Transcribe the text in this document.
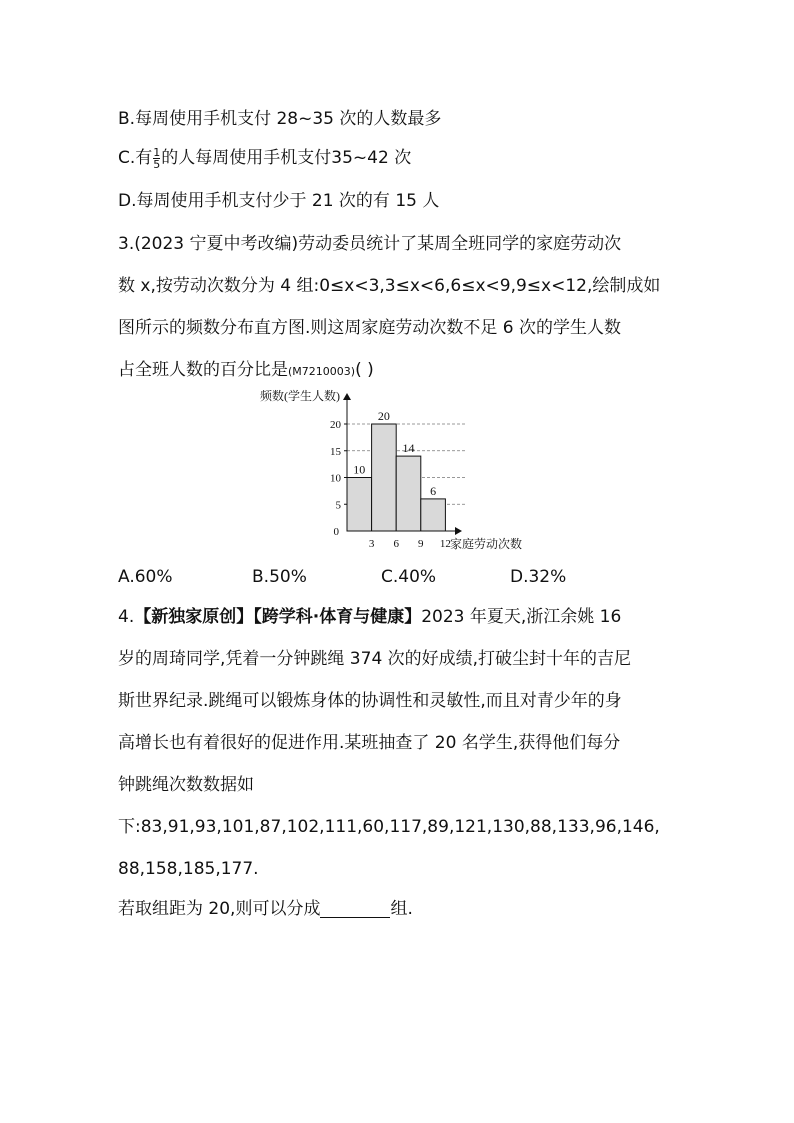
B.每周使用手机支付 28~35 次的人数最多
C.有 $\frac{1}{5}$ 的人每周使用手机支付35~42 次
D.每周使用手机支付少于 21 次的有 15 人
3.(2023 宁夏中考改编)劳动委员统计了某周全班同学的家庭劳动次
数 x,按劳动次数分为 4 组:0≤x<3,3≤x<6,6≤x<9,9≤x<12,绘制成如
图所示的频数分布直方图.则这周家庭劳动次数不足 6 次的学生人数
占全班人数的百分比是(M7210003)( )
5
10
15
20
10
20
14
6
3 6 9 12
频数(学生人数)
家庭劳动次数
0
A.60%	B.50%	C.40%	D.32%
4.【新独家原创】【跨学科·体育与健康】2023 年夏天,浙江余姚 16
岁的周琦同学,凭着一分钟跳绳 374 次的好成绩,打破尘封十年的吉尼
斯世界纪录.跳绳可以锻炼身体的协调性和灵敏性,而且对青少年的身
高增长也有着很好的促进作用.某班抽查了 20 名学生,获得他们每分
钟跳绳次数数据如
下:83,91,93,101,87,102,111,60,117,89,121,130,88,133,96,146,
88,158,185,177.
若取组距为 20,则可以分成	组.
